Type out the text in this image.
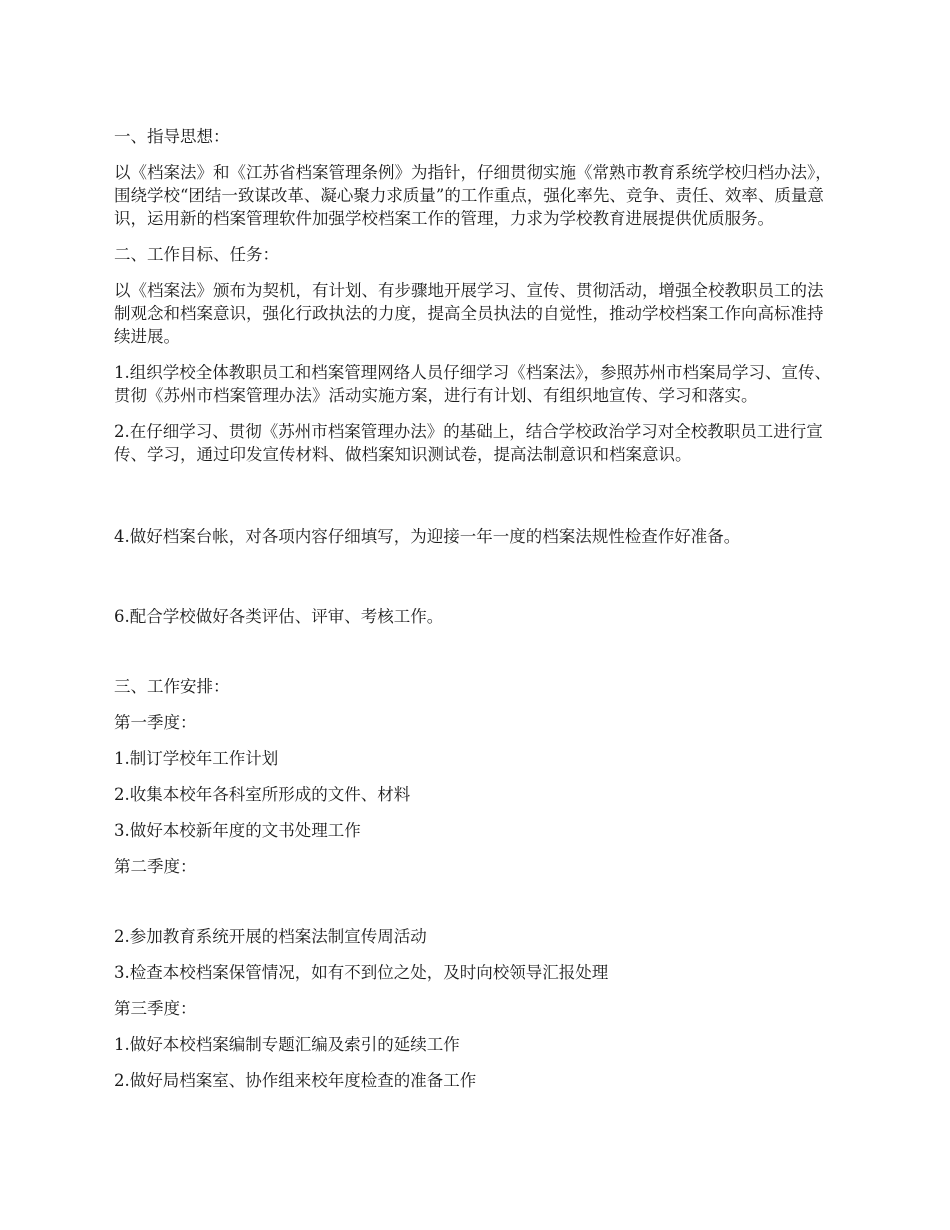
一、指导思想：

以《档案法》和《江苏省档案管理条例》为指针，仔细贯彻实施《常熟市教育系统学校归档办法》，围绕学校“团结一致谋改革、凝心聚力求质量”的工作重点，强化率先、竞争、责任、效率、质量意识，运用新的档案管理软件加强学校档案工作的管理，力求为学校教育进展提供优质服务。

二、工作目标、任务：

以《档案法》颁布为契机，有计划、有步骤地开展学习、宣传、贯彻活动，增强全校教职员工的法制观念和档案意识，强化行政执法的力度，提高全员执法的自觉性，推动学校档案工作向高标准持续进展。

1.组织学校全体教职员工和档案管理网络人员仔细学习《档案法》，参照苏州市档案局学习、宣传、贯彻《苏州市档案管理办法》活动实施方案，进行有计划、有组织地宣传、学习和落实。

2.在仔细学习、贯彻《苏州市档案管理办法》的基础上，结合学校政治学习对全校教职员工进行宣传、学习，通过印发宣传材料、做档案知识测试卷，提高法制意识和档案意识。

4.做好档案台帐，对各项内容仔细填写，为迎接一年一度的档案法规性检查作好准备。

6.配合学校做好各类评估、评审、考核工作。

三、工作安排：

第一季度：

1.制订学校年工作计划

2.收集本校年各科室所形成的文件、材料

3.做好本校新年度的文书处理工作

第二季度：

2.参加教育系统开展的档案法制宣传周活动

3.检查本校档案保管情况，如有不到位之处，及时向校领导汇报处理

第三季度：

1.做好本校档案编制专题汇编及索引的延续工作

2.做好局档案室、协作组来校年度检查的准备工作
